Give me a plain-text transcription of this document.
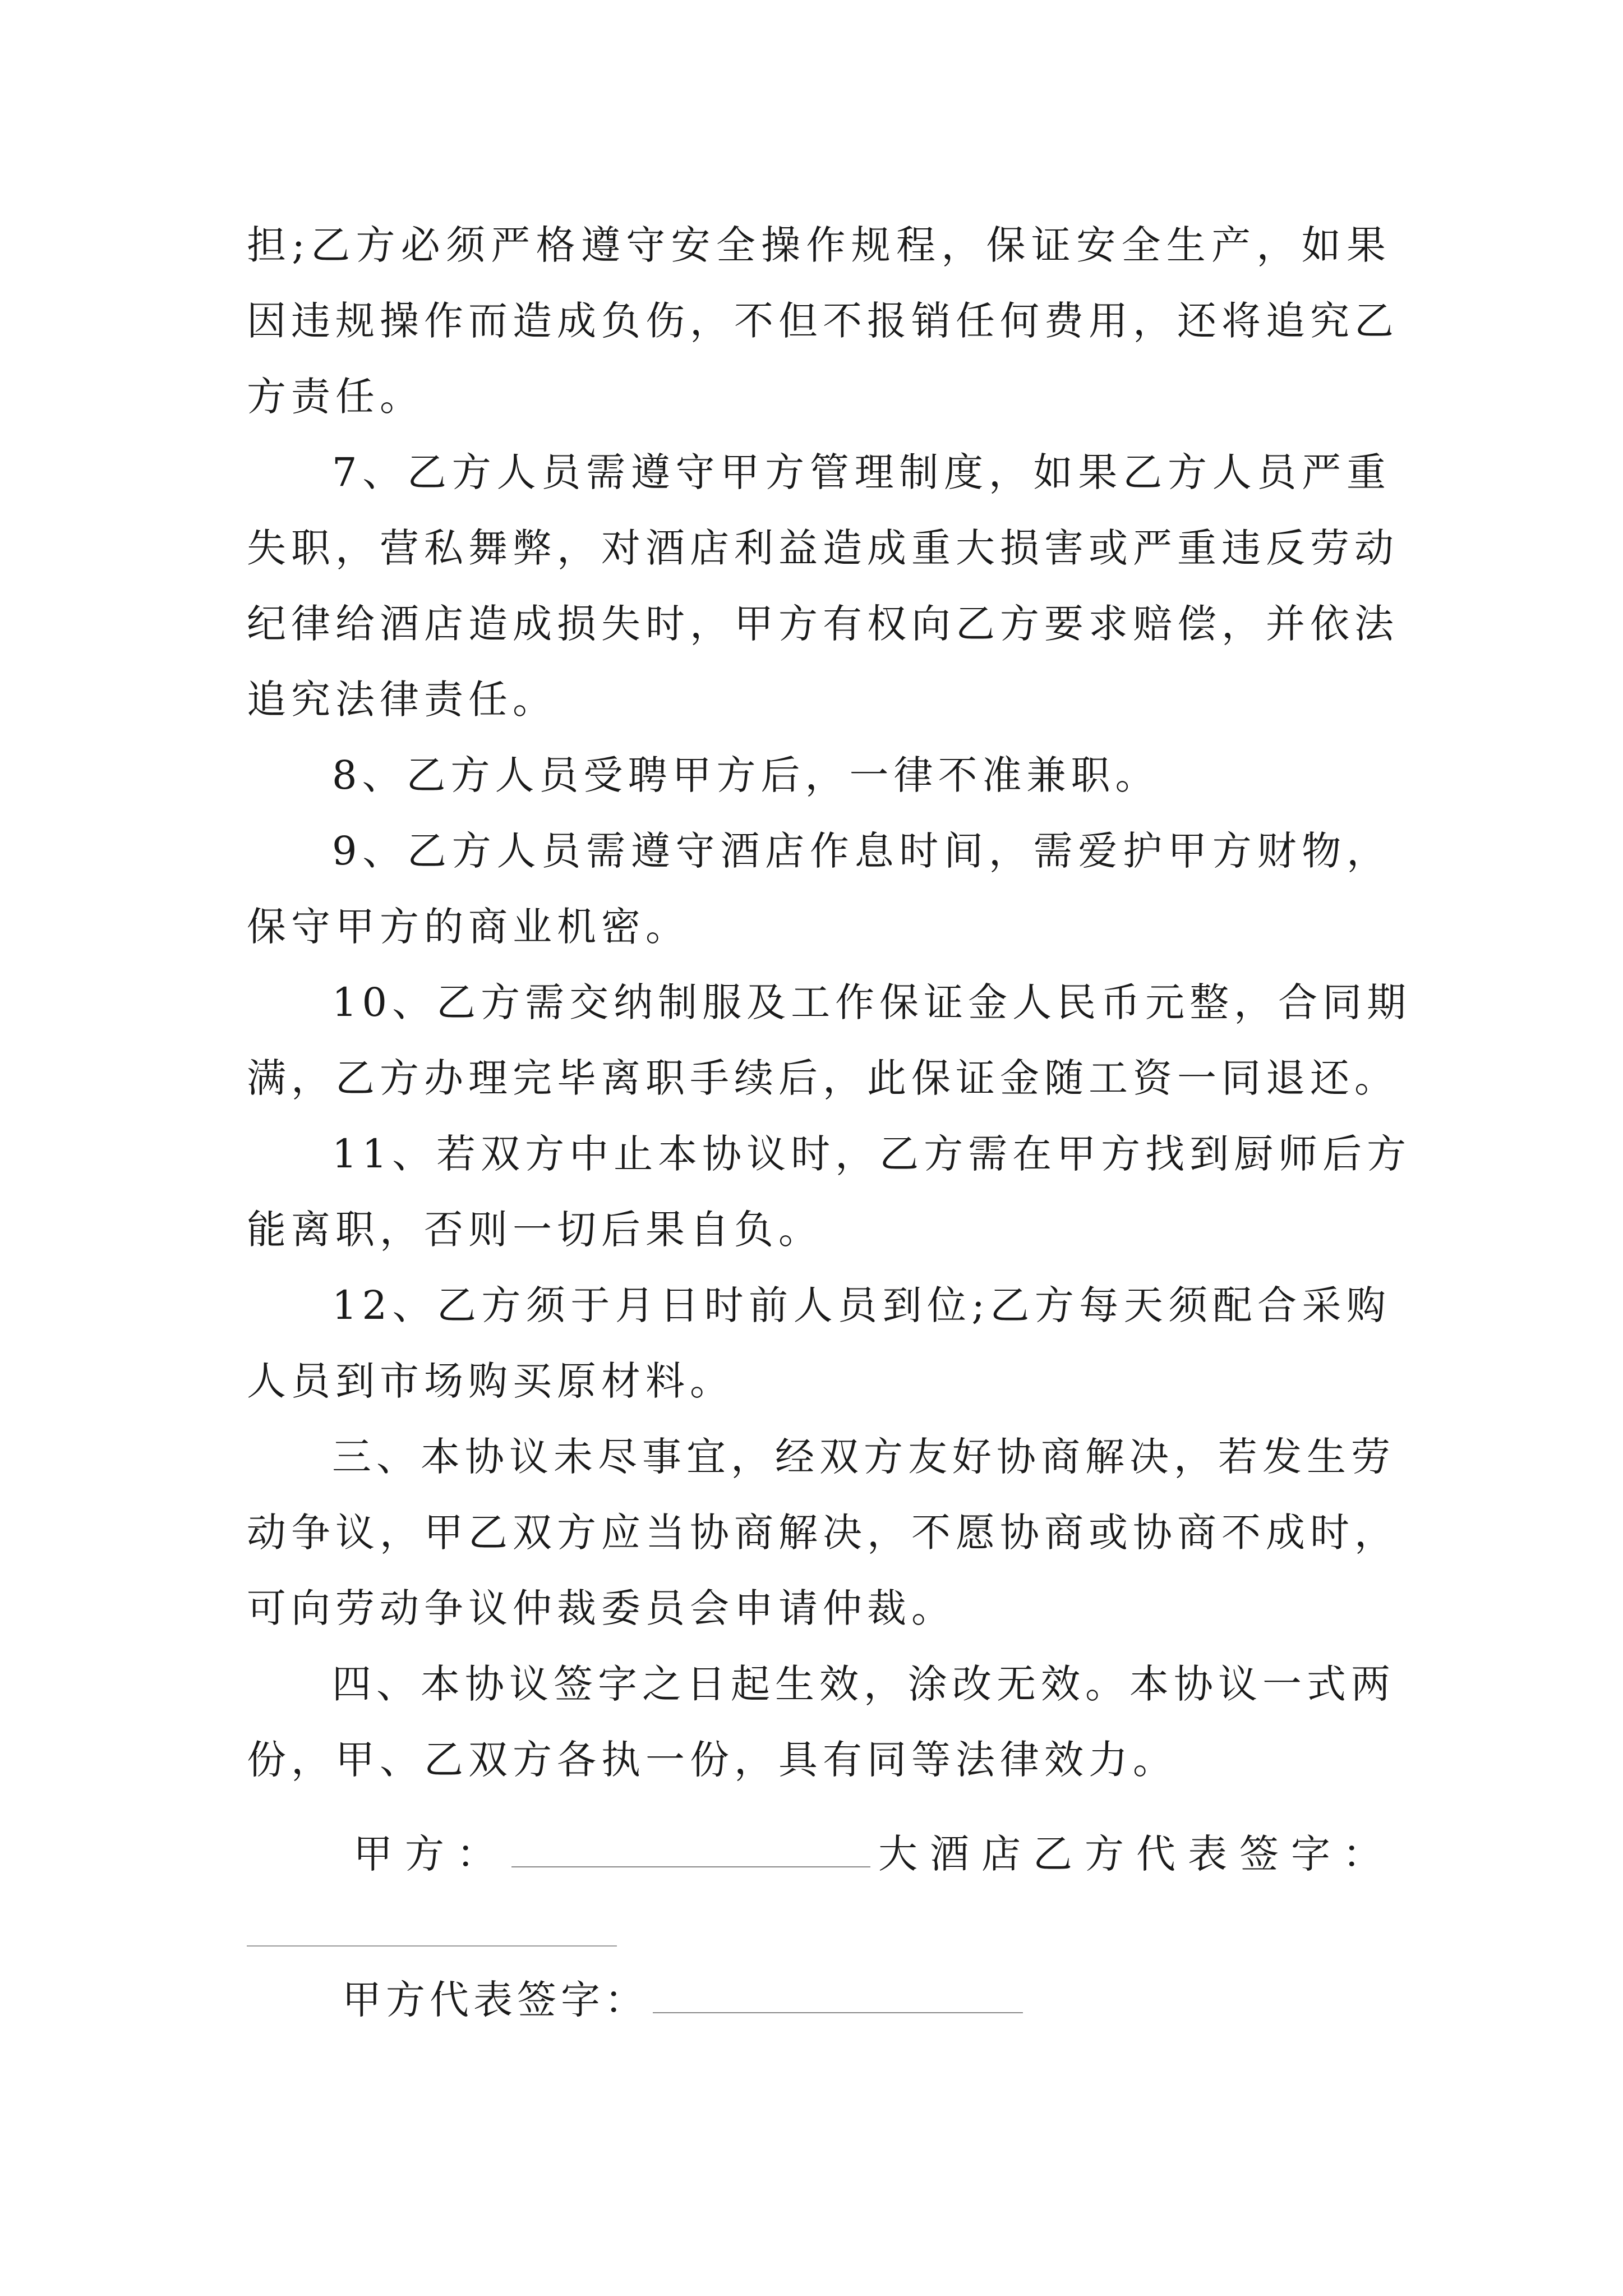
担;乙方必须严格遵守安全操作规程，保证安全生产，如果
因违规操作而造成负伤，不但不报销任何费用，还将追究乙
方责任。
7、乙方人员需遵守甲方管理制度，如果乙方人员严重
失职，营私舞弊，对酒店利益造成重大损害或严重违反劳动
纪律给酒店造成损失时，甲方有权向乙方要求赔偿，并依法
追究法律责任。
8、乙方人员受聘甲方后，一律不准兼职。
9、乙方人员需遵守酒店作息时间，需爱护甲方财物，
保守甲方的商业机密。
10、乙方需交纳制服及工作保证金人民币元整，合同期
满，乙方办理完毕离职手续后，此保证金随工资一同退还。
11、若双方中止本协议时，乙方需在甲方找到厨师后方
能离职，否则一切后果自负。
12、乙方须于月日时前人员到位;乙方每天须配合采购
人员到市场购买原材料。
三、本协议未尽事宜，经双方友好协商解决，若发生劳
动争议，甲乙双方应当协商解决，不愿协商或协商不成时，
可向劳动争议仲裁委员会申请仲裁。
四、本协议签字之日起生效，涂改无效。本协议一式两
份，甲、乙双方各执一份，具有同等法律效力。
甲方：	大酒店乙方代表签字：
甲方代表签字：
